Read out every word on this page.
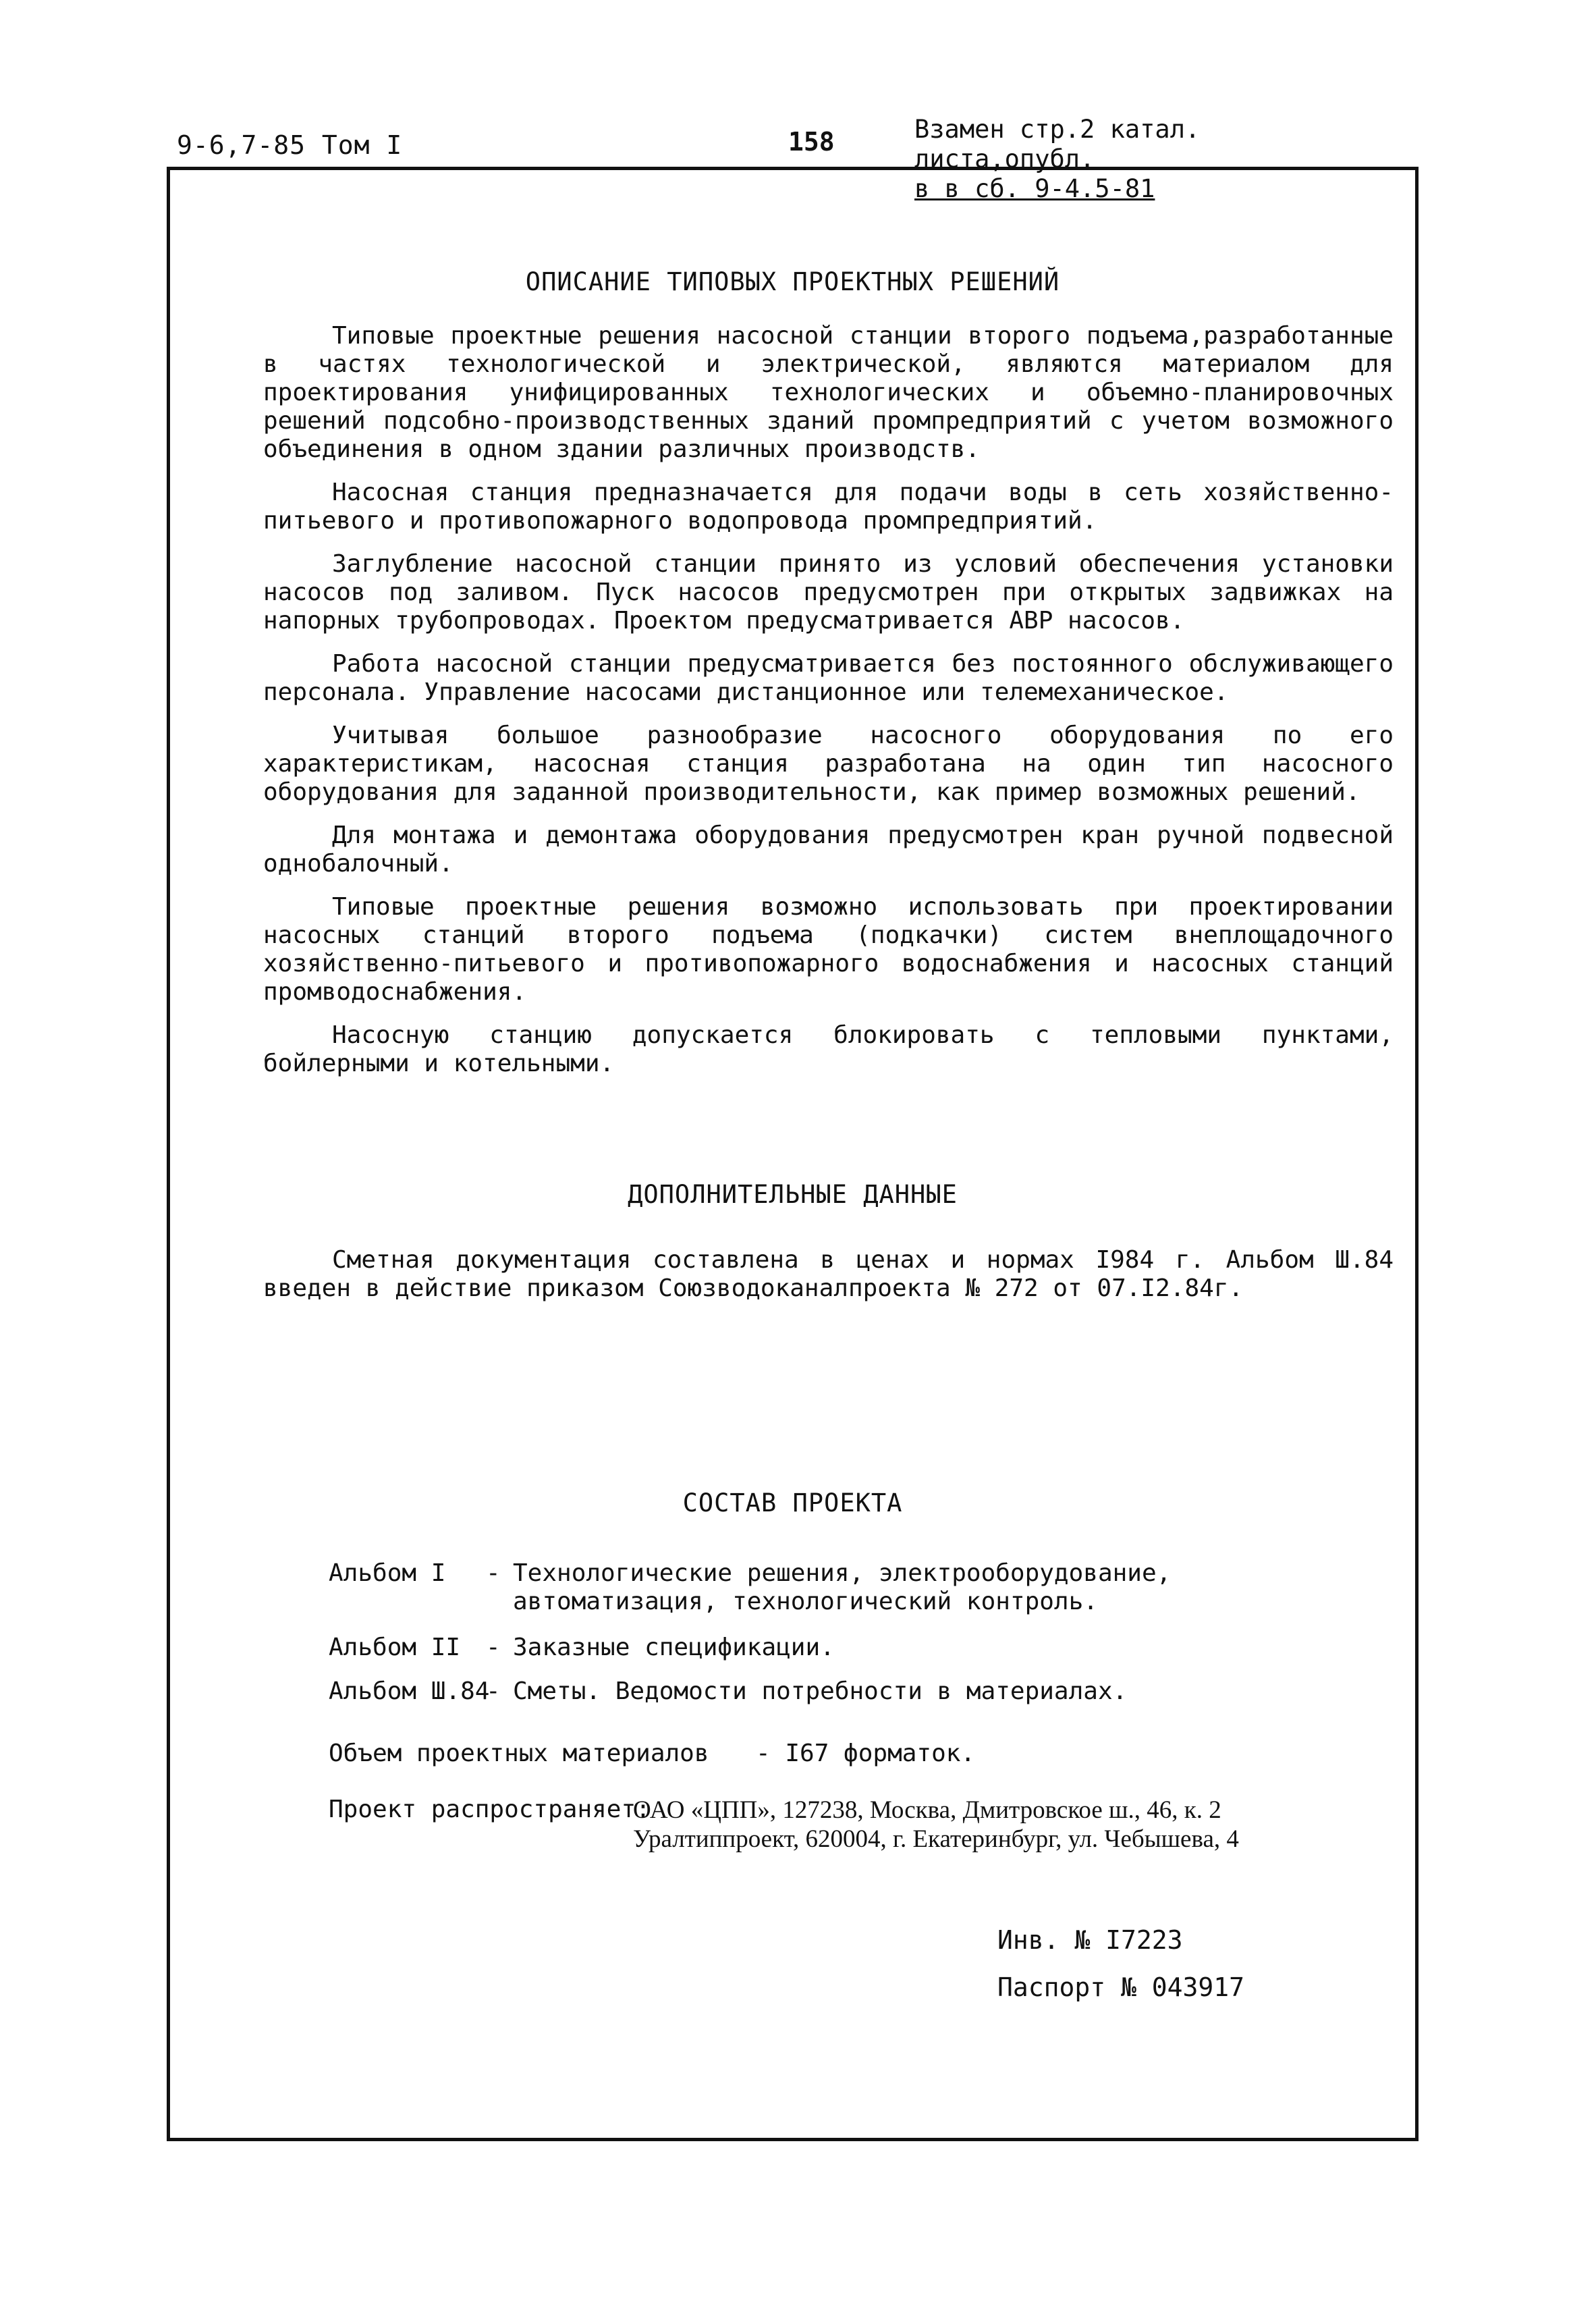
9-6,7-85 Том I	158	Взамен стр.2 катал. листа,опубл.
в в сб. 9-4.5-81
ОПИСАНИЕ ТИПОВЫХ ПРОЕКТНЫХ РЕШЕНИЙ

Типовые проектные решения насосной станции второго подъема,разработанные в частях технологической и электрической, являются материалом для проектирования унифицированных технологических и объемно-планировочных решений подсобно-производственных зданий промпредприятий с учетом возможного объединения в одном здании различных производств.

Насосная станция предназначается для подачи воды в сеть хозяйственно-питьевого и противопожарного водопровода промпредприятий.

Заглубление насосной станции принято из условий обеспечения установки насосов под заливом. Пуск насосов предусмотрен при открытых задвижках на напорных трубопроводах. Проектом предусматривается АВР насосов.

Работа насосной станции предусматривается без постоянного обслуживающего персонала. Управление насосами дистанционное или телемеханическое.

Учитывая большое разнообразие насосного оборудования по его характеристикам, насосная станция разработана на один тип насосного оборудования для заданной производительности, как пример возможных решений.

Для монтажа и демонтажа оборудования предусмотрен кран ручной подвесной однобалочный.

Типовые проектные решения возможно использовать при проектировании насосных станций второго подъема (подкачки) систем внеплощадочного хозяйственно-питьевого и противопожарного водоснабжения и насосных станций промводоснабжения.

Насосную станцию допускается блокировать с тепловыми пунктами, бойлерными и котельными.

ДОПОЛНИТЕЛЬНЫЕ ДАННЫЕ

Сметная документация составлена в ценах и нормах I984 г. Альбом Ш.84 введен в действие приказом Союзводоканалпроекта № 272 от 07.I2.84г.

СОСТАВ ПРОЕКТА
Альбом I - Технологические решения, электрооборудование, автоматизация, технологический контроль.
Альбом II - Заказные спецификации.
Альбом Ш.84
- Сметы. Ведомости потребности в материалах.
Объем проектных материалов - I67 форматок.
Проект распространяет:
ОАО «ЦПП», 127238, Москва, Дмитровское ш., 46, к. 2
Уралтиппроект, 620004, г. Екатеринбург, ул. Чебышева, 4
Инв. № I7223
Паспорт № 043917
